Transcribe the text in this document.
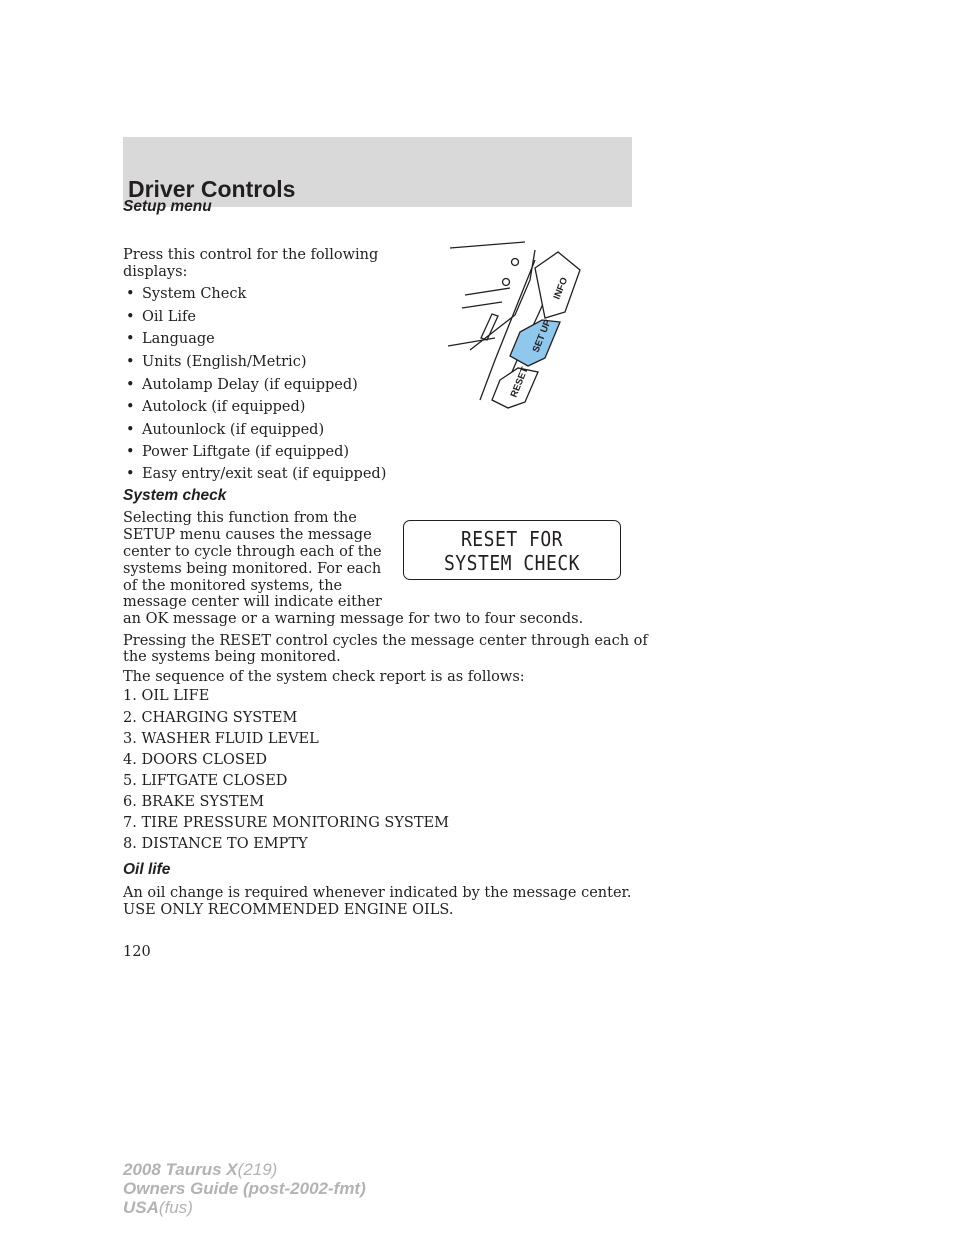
Driver Controls
Setup menu
Press this control for the following
displays:
• System Check
• Oil Life
• Language
• Units (English/Metric)
• Autolamp Delay (if equipped)
• Autolock (if equipped)
• Autounlock (if equipped)
• Power Liftgate (if equipped)
• Easy entry/exit seat (if equipped)
INFO
SET UP
RESET
System check
Selecting this function from the
SETUP menu causes the message
center to cycle through each of the
systems being monitored. For each
of the monitored systems, the
message center will indicate either
an OK message or a warning message for two to four seconds.
RESET FOR
SYSTEM CHECK
Pressing the RESET control cycles the message center through each of
the systems being monitored.
The sequence of the system check report is as follows:
1. OIL LIFE
2. CHARGING SYSTEM
3. WASHER FLUID LEVEL
4. DOORS CLOSED
5. LIFTGATE CLOSED
6. BRAKE SYSTEM
7. TIRE PRESSURE MONITORING SYSTEM
8. DISTANCE TO EMPTY
Oil life
An oil change is required whenever indicated by the message center.
USE ONLY RECOMMENDED ENGINE OILS.
120
2008 Taurus X(219)
Owners Guide (post-2002-fmt)
USA(fus)
